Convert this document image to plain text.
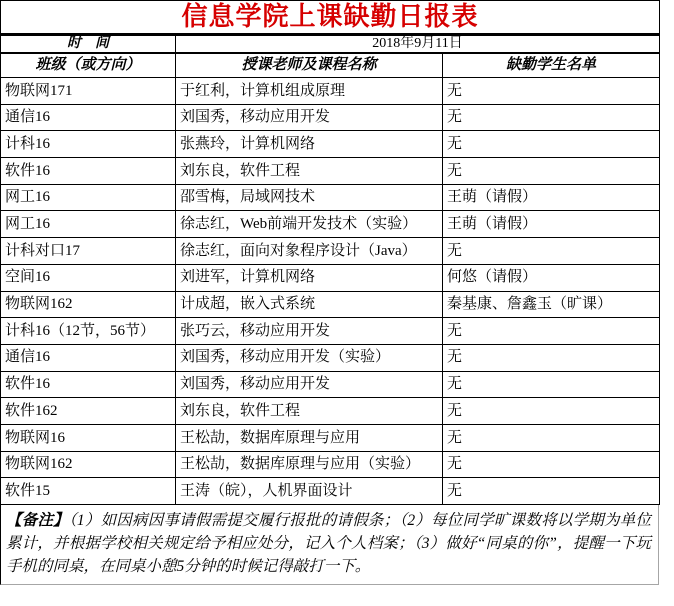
信息学院上课缺勤日报表		
时　间	2018年9月11日	
班级（或方向）	授课老师及课程名称	缺勤学生名单
物联网171	于红利，计算机组成原理	无
通信16	刘国秀，移动应用开发	无
计科16	张燕玲，计算机网络	无
软件16	刘东良，软件工程	无
网工16	邵雪梅，局域网技术	王萌（请假）
网工16	徐志红，Web前端开发技术（实验）	王萌（请假）
计科对口17	徐志红，面向对象程序设计（Java）	无
空间16	刘进军，计算机网络	何悠（请假）
物联网162	计成超，嵌入式系统	秦基康、詹鑫玉（旷课）
计科16（12节，56节）	张巧云，移动应用开发	无
通信16	刘国秀，移动应用开发（实验）	无
软件16	刘国秀，移动应用开发	无
软件162	刘东良，软件工程	无
物联网16	王松劼，数据库原理与应用	无
物联网162	王松劼，数据库原理与应用（实验）	无
软件15	王涛（皖），人机界面设计	无
【备注】（1）如因病因事请假需提交履行报批的请假条；（2）每位同学旷课数将以学期为单位累计，并根据学校相关规定给予相应处分，记入个人档案；（3）做好“同桌的你”，提醒一下玩手机的同桌，在同桌小憩5分钟的时候记得敲打一下。
